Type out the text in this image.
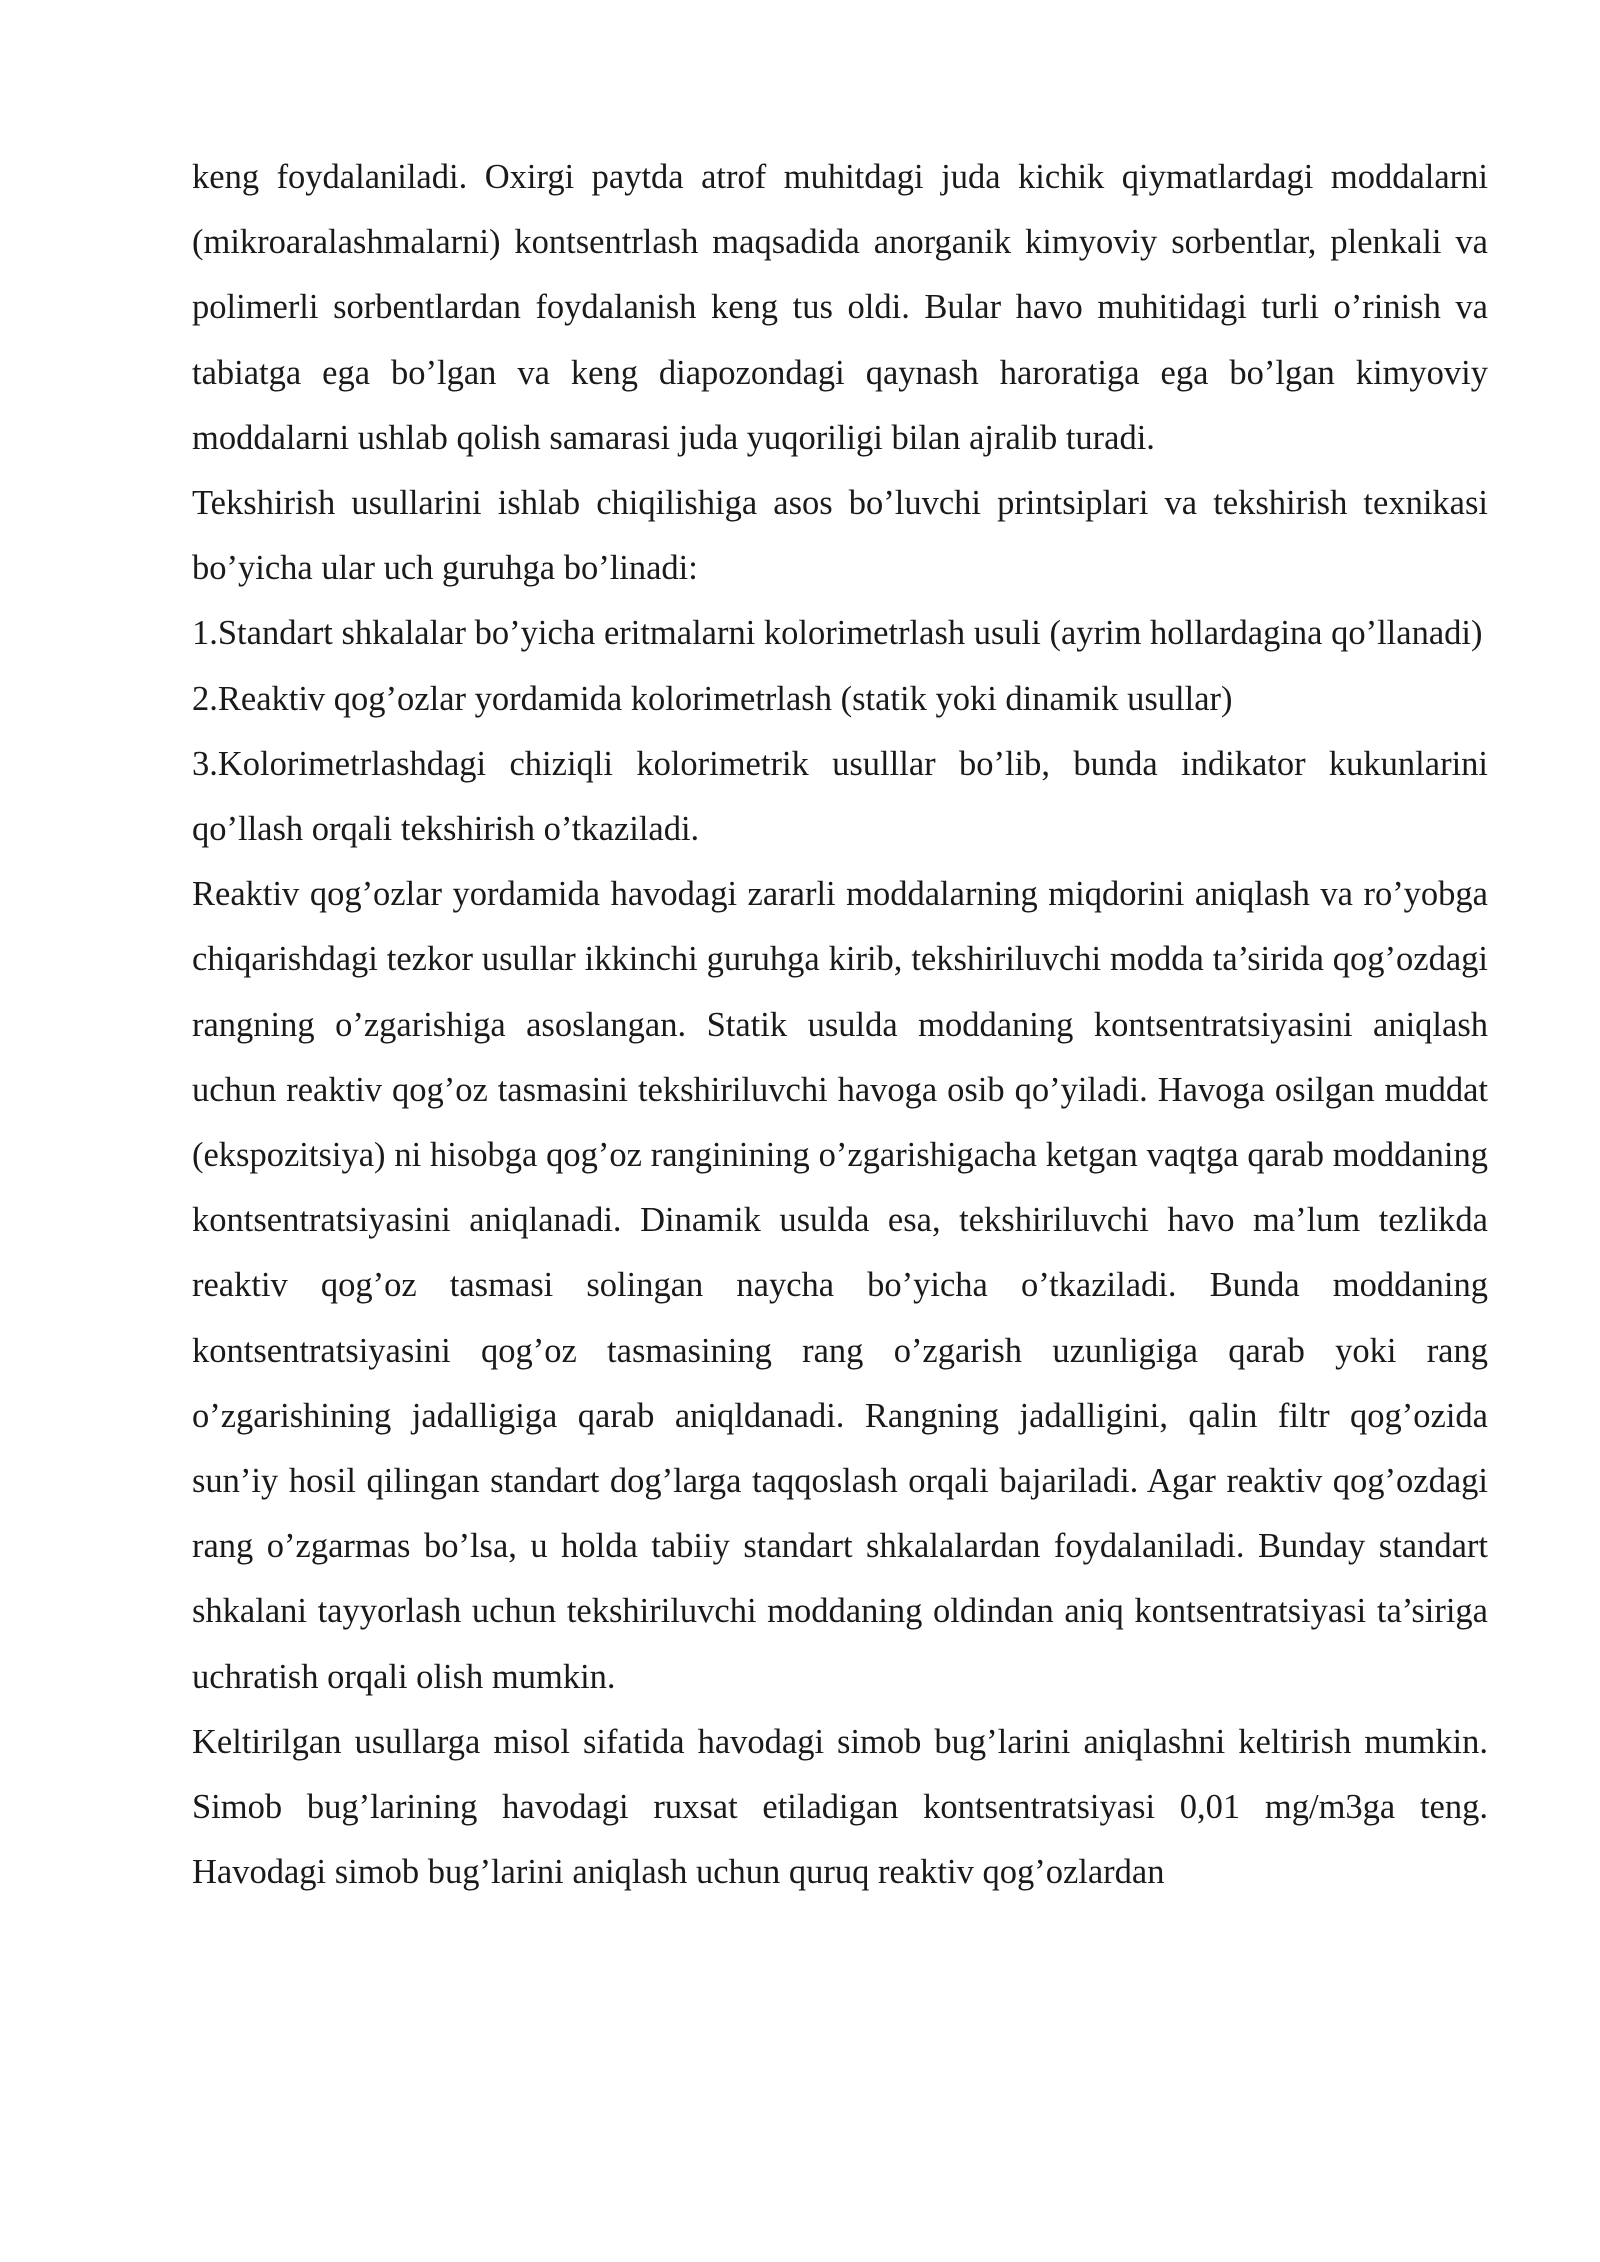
keng foydalaniladi. Oxirgi paytda atrof muhitdagi juda kichik qiymatlardagi moddalarni (mikroaralashmalarni) kontsentrlash maqsadida anorganik kimyoviy sorbentlar, plenkali va polimerli sorbentlardan foydalanish keng tus oldi. Bular havo muhitidagi turli o’rinish va tabiatga ega bo’lgan va keng diapozondagi qaynash haroratiga ega bo’lgan kimyoviy moddalarni ushlab qolish samarasi juda yuqoriligi bilan ajralib turadi.

Tekshirish usullarini ishlab chiqilishiga asos bo’luvchi printsiplari va tekshirish texnikasi bo’yicha ular uch guruhga bo’linadi:

1.Standart shkalalar bo’yicha eritmalarni kolorimetrlash usuli (ayrim hollardagina qo’llanadi)

2.Reaktiv qog’ozlar yordamida kolorimetrlash (statik yoki dinamik usullar)

3.Kolorimetrlashdagi chiziqli kolorimetrik usulllar bo’lib, bunda indikator kukunlarini qo’llash orqali tekshirish o’tkaziladi.

Reaktiv qog’ozlar yordamida havodagi zararli moddalarning miqdorini aniqlash va ro’yobga chiqarishdagi tezkor usullar ikkinchi guruhga kirib, tekshiriluvchi modda ta’sirida qog’ozdagi rangning o’zgarishiga asoslangan. Statik usulda moddaning kontsentratsiyasini aniqlash uchun reaktiv qog’oz tasmasini tekshiriluvchi havoga osib qo’yiladi. Havoga osilgan muddat (ekspozitsiya) ni hisobga qog’oz ranginining o’zgarishigacha ketgan vaqtga qarab moddaning kontsentratsiyasini aniqlanadi. Dinamik usulda esa, tekshiriluvchi havo ma’lum tezlikda reaktiv qog’oz tasmasi solingan naycha bo’yicha o’tkaziladi. Bunda moddaning kontsentratsiyasini qog’oz tasmasining rang o’zgarish uzunligiga qarab yoki rang o’zgarishining jadalligiga qarab aniqldanadi. Rangning jadalligini, qalin filtr qog’ozida sun’iy hosil qilingan standart dog’larga taqqoslash orqali bajariladi. Agar reaktiv qog’ozdagi rang o’zgarmas bo’lsa, u holda tabiiy standart shkalalardan foydalaniladi. Bunday standart shkalani tayyorlash uchun tekshiriluvchi moddaning oldindan aniq kontsentratsiyasi ta’siriga uchratish orqali olish mumkin.

Keltirilgan usullarga misol sifatida havodagi simob bug’larini aniqlashni keltirish mumkin. Simob bug’larining havodagi ruxsat etiladigan kontsentratsiyasi 0,01 mg/m3ga teng. Havodagi simob bug’larini aniqlash uchun quruq reaktiv qog’ozlardan
